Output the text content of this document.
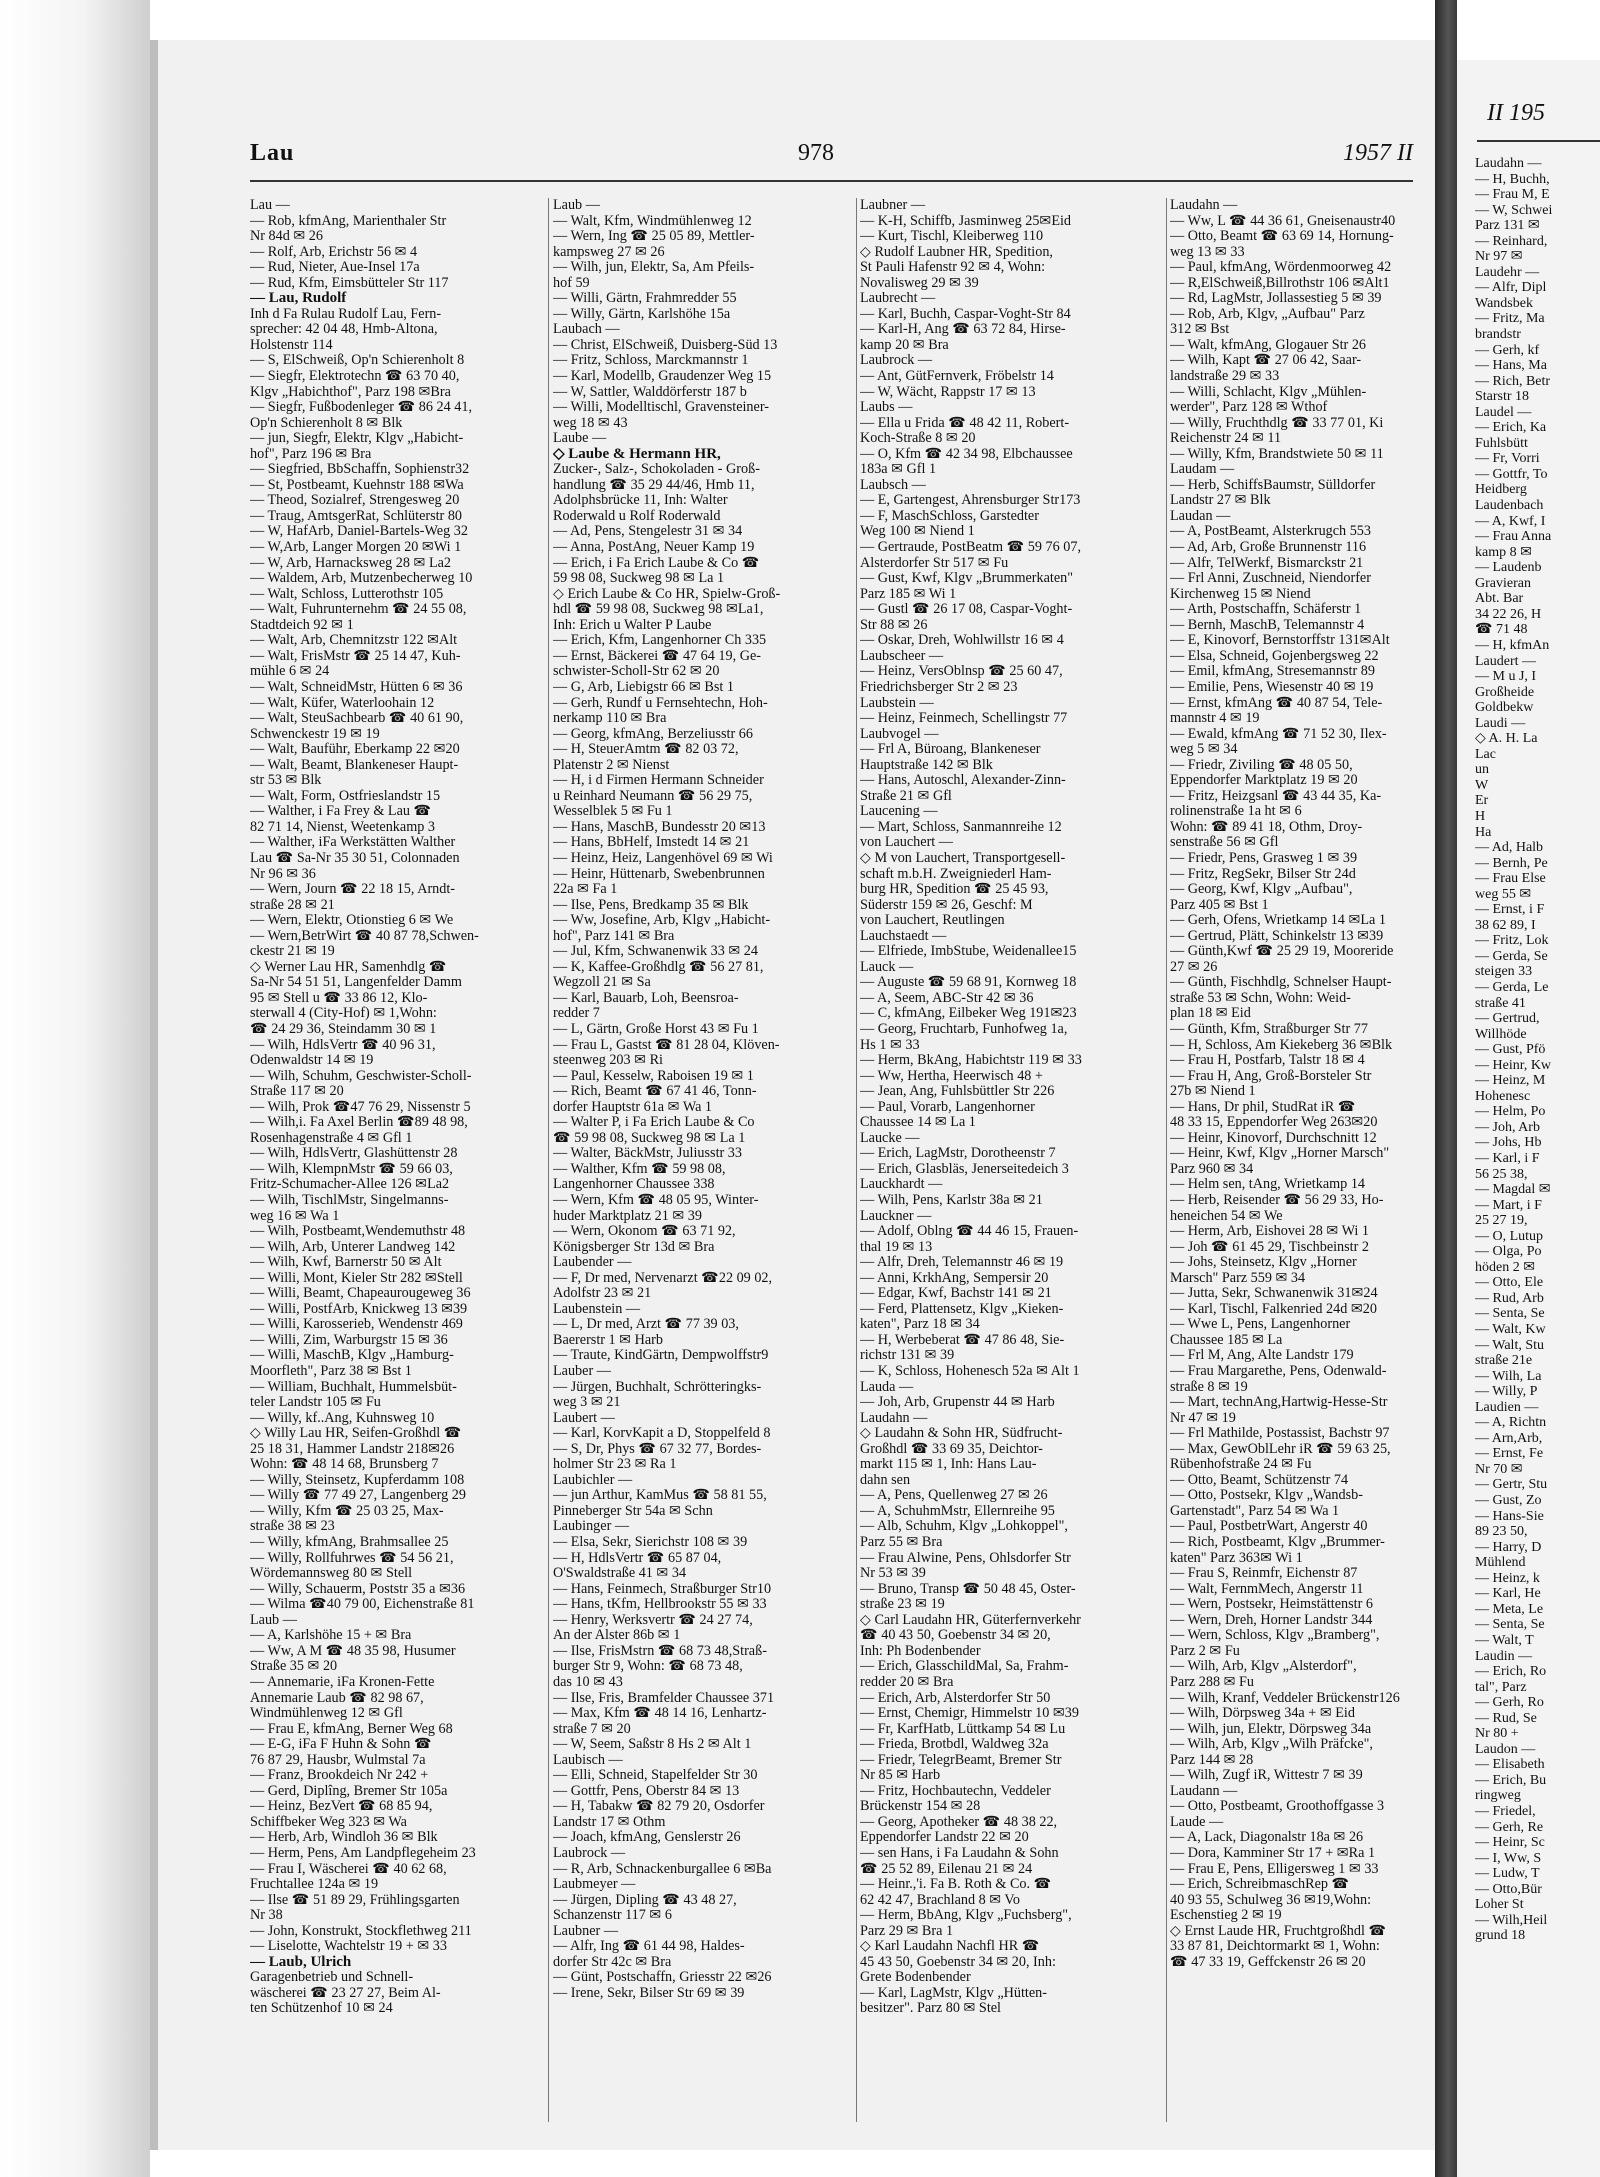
Lau	978	1957 II
Lau —
— Rob, kfmAng, Marienthaler Str
Nr 84d ✉ 26
— Rolf, Arb, Erichstr 56 ✉ 4
— Rud, Nieter, Aue-Insel 17a
— Rud, Kfm, Eimsbütteler Str 117
— Lau, Rudolf
Inh d Fa Rulau Rudolf Lau, Fern-
sprecher: 42 04 48, Hmb-Altona,
Holstenstr 114
— S, ElSchweiß, Op'n Schierenholt 8
— Siegfr, Elektrotechn ☎ 63 70 40,
Klgv „Habichthof", Parz 198 ✉Bra
— Siegfr, Fußbodenleger ☎ 86 24 41,
Op'n Schierenholt 8 ✉ Blk
— jun, Siegfr, Elektr, Klgv „Habicht-
hof", Parz 196 ✉ Bra
— Siegfried, BbSchaffn, Sophienstr32
— St, Postbeamt, Kuehnstr 188 ✉Wa
— Theod, Sozialref, Strengesweg 20
— Traug, AmtsgerRat, Schlüterstr 80
— W, HafArb, Daniel-Bartels-Weg 32
— W,Arb, Langer Morgen 20 ✉Wi 1
— W, Arb, Harnacksweg 28 ✉ La2
— Waldem, Arb, Mutzenbecherweg 10
— Walt, Schloss, Lutterothstr 105
— Walt, Fuhrunternehm ☎ 24 55 08,
Stadtdeich 92 ✉ 1
— Walt, Arb, Chemnitzstr 122 ✉Alt
— Walt, FrisMstr ☎ 25 14 47, Kuh-
mühle 6 ✉ 24
— Walt, SchneidMstr, Hütten 6 ✉ 36
— Walt, Küfer, Waterloohain 12
— Walt, SteuSachbearb ☎ 40 61 90,
Schwenckestr 19 ✉ 19
— Walt, Bauführ, Eberkamp 22 ✉20
— Walt, Beamt, Blankeneser Haupt-
str 53 ✉ Blk
— Walt, Form, Ostfrieslandstr 15
— Walther, i Fa Frey & Lau ☎
82 71 14, Nienst, Weetenkamp 3
— Walther, iFa Werkstätten Walther
Lau ☎ Sa-Nr 35 30 51, Colonnaden
Nr 96 ✉ 36
— Wern, Journ ☎ 22 18 15, Arndt-
straße 28 ✉ 21
— Wern, Elektr, Otionstieg 6 ✉ We
— Wern,BetrWirt ☎ 40 87 78,Schwen-
ckestr 21 ✉ 19
◇ Werner Lau HR, Samenhdlg ☎
Sa-Nr 54 51 51, Langenfelder Damm
95 ✉ Stell u ☎ 33 86 12, Klo-
sterwall 4 (City-Hof) ✉ 1,Wohn:
☎ 24 29 36, Steindamm 30 ✉ 1
— Wilh, HdlsVertr ☎ 40 96 31,
Odenwaldstr 14 ✉ 19
— Wilh, Schuhm, Geschwister-Scholl-
Straße 117 ✉ 20
— Wilh, Prok ☎47 76 29, Nissenstr 5
— Wilh,i. Fa Axel Berlin ☎89 48 98,
Rosenhagenstraße 4 ✉ Gfl 1
— Wilh, HdlsVertr, Glashüttenstr 28
— Wilh, KlempnMstr ☎ 59 66 03,
Fritz-Schumacher-Allee 126 ✉La2
— Wilh, TischlMstr, Singelmanns-
weg 16 ✉ Wa 1
— Wilh, Postbeamt,Wendemuthstr 48
— Wilh, Arb, Unterer Landweg 142
— Wilh, Kwf, Barnerstr 50 ✉ Alt
— Willi, Mont, Kieler Str 282 ✉Stell
— Willi, Beamt, Chapeaurougeweg 36
— Willi, PostfArb, Knickweg 13 ✉39
— Willi, Karosserieb, Wendenstr 469
— Willi, Zim, Warburgstr 15 ✉ 36
— Willi, MaschB, Klgv „Hamburg-
Moorfleth", Parz 38 ✉ Bst 1
— William, Buchhalt, Hummelsbüt-
teler Landstr 105 ✉ Fu
— Willy, kf..Ang, Kuhnsweg 10
◇ Willy Lau HR, Seifen-Großhdl ☎
25 18 31, Hammer Landstr 218✉26
Wohn: ☎ 48 14 68, Brunsberg 7
— Willy, Steinsetz, Kupferdamm 108
— Willy ☎ 77 49 27, Langenberg 29
— Willy, Kfm ☎ 25 03 25, Max-
straße 38 ✉ 23
— Willy, kfmAng, Brahmsallee 25
— Willy, Rollfuhrwes ☎ 54 56 21,
Wördemannsweg 80 ✉ Stell
— Willy, Schauerm, Poststr 35 a ✉36
— Wilma ☎40 79 00, Eichenstraße 81
Laub —
— A, Karlshöhe 15 + ✉ Bra
— Ww, A M ☎ 48 35 98, Husumer
Straße 35 ✉ 20
— Annemarie, iFa Kronen-Fette
Annemarie Laub ☎ 82 98 67,
Windmühlenweg 12 ✉ Gfl
— Frau E, kfmAng, Berner Weg 68
— E-G, iFa F Huhn & Sohn ☎
76 87 29, Hausbr, Wulmstal 7a
— Franz, Brookdeich Nr 242 +
— Gerd, Diplîng, Bremer Str 105a
— Heinz, BezVert ☎ 68 85 94,
Schiffbeker Weg 323 ✉ Wa
— Herb, Arb, Windloh 36 ✉ Blk
— Herm, Pens, Am Landpflegeheim 23
— Frau I, Wäscherei ☎ 40 62 68,
Fruchtallee 124a ✉ 19
— Ilse ☎ 51 89 29, Frühlingsgarten
Nr 38
— John, Konstrukt, Stockflethweg 211
— Liselotte, Wachtelstr 19 + ✉ 33
— Laub, Ulrich
Garagenbetrieb und Schnell-
wäscherei ☎ 23 27 27, Beim Al-
ten Schützenhof 10 ✉ 24
Laub —
— Walt, Kfm, Windmühlenweg 12
— Wern, Ing ☎ 25 05 89, Mettler-
kampsweg 27 ✉ 26
— Wilh, jun, Elektr, Sa, Am Pfeils-
hof 59
— Willi, Gärtn, Frahmredder 55
— Willy, Gärtn, Karlshöhe 15a
Laubach —
— Christ, ElSchweiß, Duisberg-Süd 13
— Fritz, Schloss, Marckmannstr 1
— Karl, Modellb, Graudenzer Weg 15
— W, Sattler, Walddörferstr 187 b
— Willi, Modelltischl, Gravensteiner-
weg 18 ✉ 43
Laube —
◇ Laube & Hermann HR,
Zucker-, Salz-, Schokoladen - Groß-
handlung ☎ 35 29 44/46, Hmb 11,
Adolphsbrücke 11, Inh: Walter
Roderwald u Rolf Roderwald
— Ad, Pens, Stengelestr 31 ✉ 34
— Anna, PostAng, Neuer Kamp 19
— Erich, i Fa Erich Laube & Co ☎
59 98 08, Suckweg 98 ✉ La 1
◇ Erich Laube & Co HR, Spielw-Groß-
hdl ☎ 59 98 08, Suckweg 98 ✉La1,
Inh: Erich u Walter P Laube
— Erich, Kfm, Langenhorner Ch 335
— Ernst, Bäckerei ☎ 47 64 19, Ge-
schwister-Scholl-Str 62 ✉ 20
— G, Arb, Liebigstr 66 ✉ Bst 1
— Gerh, Rundf u Fernsehtechn, Hoh-
nerkamp 110 ✉ Bra
— Georg, kfmAng, Berzeliusstr 66
— H, SteuerAmtm ☎ 82 03 72,
Platenstr 2 ✉ Nienst
— H, i d Firmen Hermann Schneider
u Reinhard Neumann ☎ 56 29 75,
Wesselblek 5 ✉ Fu 1
— Hans, MaschB, Bundesstr 20 ✉13
— Hans, BbHelf, Imstedt 14 ✉ 21
— Heinz, Heiz, Langenhövel 69 ✉ Wi
— Heinr, Hüttenarb, Swebenbrunnen
22a ✉ Fa 1
— Ilse, Pens, Bredkamp 35 ✉ Blk
— Ww, Josefine, Arb, Klgv „Habicht-
hof", Parz 141 ✉ Bra
— Jul, Kfm, Schwanenwik 33 ✉ 24
— K, Kaffee-Großhdlg ☎ 56 27 81,
Wegzoll 21 ✉ Sa
— Karl, Bauarb, Loh, Beensroa-
redder 7
— L, Gärtn, Große Horst 43 ✉ Fu 1
— Frau L, Gastst ☎ 81 28 04, Klöven-
steenweg 203 ✉ Ri
— Paul, Kesselw, Raboisen 19 ✉ 1
— Rich, Beamt ☎ 67 41 46, Tonn-
dorfer Hauptstr 61a ✉ Wa 1
— Walter P, i Fa Erich Laube & Co
☎ 59 98 08, Suckweg 98 ✉ La 1
— Walter, BäckMstr, Juliusstr 33
— Walther, Kfm ☎ 59 98 08,
Langenhorner Chaussee 338
— Wern, Kfm ☎ 48 05 95, Winter-
huder Marktplatz 21 ✉ 39
— Wern, Okonom ☎ 63 71 92,
Königsberger Str 13d ✉ Bra
Laubender —
— F, Dr med, Nervenarzt ☎22 09 02,
Adolfstr 23 ✉ 21
Laubenstein —
— L, Dr med, Arzt ☎ 77 39 03,
Baererstr 1 ✉ Harb
— Traute, KindGärtn, Dempwolffstr9
Lauber —
— Jürgen, Buchhalt, Schrötteringks-
weg 3 ✉ 21
Laubert —
— Karl, KorvKapit a D, Stoppelfeld 8
— S, Dr, Phys ☎ 67 32 77, Bordes-
holmer Str 23 ✉ Ra 1
Laubichler —
— jun Arthur, KamMus ☎ 58 81 55,
Pinneberger Str 54a ✉ Schn
Laubinger —
— Elsa, Sekr, Sierichstr 108 ✉ 39
— H, HdlsVertr ☎ 65 87 04,
O'Swaldstraße 41 ✉ 34
— Hans, Feinmech, Straßburger Str10
— Hans, tKfm, Hellbrookstr 55 ✉ 33
— Henry, Werksvertr ☎ 24 27 74,
An der Alster 86b ✉ 1
— Ilse, FrisMstrn ☎ 68 73 48,Straß-
burger Str 9, Wohn: ☎ 68 73 48,
das 10 ✉ 43
— Ilse, Fris, Bramfelder Chaussee 371
— Max, Kfm ☎ 48 14 16, Lenhartz-
straße 7 ✉ 20
— W, Seem, Saßstr 8 Hs 2 ✉ Alt 1
Laubisch —
— Elli, Schneid, Stapelfelder Str 30
— Gottfr, Pens, Oberstr 84 ✉ 13
— H, Tabakw ☎ 82 79 20, Osdorfer
Landstr 17 ✉ Othm
— Joach, kfmAng, Genslerstr 26
Laubrock —
— R, Arb, Schnackenburgallee 6 ✉Ba
Laubmeyer —
— Jürgen, Dipling ☎ 43 48 27,
Schanzenstr 117 ✉ 6
Laubner —
— Alfr, Ing ☎ 61 44 98, Haldes-
dorfer Str 42c ✉ Bra
— Günt, Postschaffn, Griesstr 22 ✉26
— Irene, Sekr, Bilser Str 69 ✉ 39
Laubner —
— K-H, Schiffb, Jasminweg 25✉Eid
— Kurt, Tischl, Kleiberweg 110
◇ Rudolf Laubner HR, Spedition,
St Pauli Hafenstr 92 ✉ 4, Wohn:
Novalisweg 29 ✉ 39
Laubrecht —
— Karl, Buchh, Caspar-Voght-Str 84
— Karl-H, Ang ☎ 63 72 84, Hirse-
kamp 20 ✉ Bra
Laubrock —
— Ant, GütFernverk, Fröbelstr 14
— W, Wächt, Rappstr 17 ✉ 13
Laubs —
— Ella u Frida ☎ 48 42 11, Robert-
Koch-Straße 8 ✉ 20
— O, Kfm ☎ 42 34 98, Elbchaussee
183a ✉ Gfl 1
Laubsch —
— E, Gartengest, Ahrensburger Str173
— F, MaschSchloss, Garstedter
Weg 100 ✉ Niend 1
— Gertraude, PostBeatm ☎ 59 76 07,
Alsterdorfer Str 517 ✉ Fu
— Gust, Kwf, Klgv „Brummerkaten"
Parz 185 ✉ Wi 1
— Gustl ☎ 26 17 08, Caspar-Voght-
Str 88 ✉ 26
— Oskar, Dreh, Wohlwillstr 16 ✉ 4
Laubscheer —
— Heinz, VersOblnsp ☎ 25 60 47,
Friedrichsberger Str 2 ✉ 23
Laubstein —
— Heinz, Feinmech, Schellingstr 77
Laubvogel —
— Frl A, Büroang, Blankeneser
Hauptstraße 142 ✉ Blk
— Hans, Autoschl, Alexander-Zinn-
Straße 21 ✉ Gfl
Laucening —
— Mart, Schloss, Sanmannreihe 12
von Lauchert —
◇ M von Lauchert, Transportgesell-
schaft m.b.H. Zweigniederl Ham-
burg HR, Spedition ☎ 25 45 93,
Süderstr 159 ✉ 26, Geschf: M
von Lauchert, Reutlingen
Lauchstaedt —
— Elfriede, ImbStube, Weidenallee15
Lauck —
— Auguste ☎ 59 68 91, Kornweg 18
— A, Seem, ABC-Str 42 ✉ 36
— C, kfmAng, Eilbeker Weg 191✉23
— Georg, Fruchtarb, Funhofweg 1a,
Hs 1 ✉ 33
— Herm, BkAng, Habichtstr 119 ✉ 33
— Ww, Hertha, Heerwisch 48 +
— Jean, Ang, Fuhlsbüttler Str 226
— Paul, Vorarb, Langenhorner
Chaussee 14 ✉ La 1
Laucke —
— Erich, LagMstr, Dorotheenstr 7
— Erich, Glasbläs, Jenerseitedeich 3
Lauckhardt —
— Wilh, Pens, Karlstr 38a ✉ 21
Lauckner —
— Adolf, Oblng ☎ 44 46 15, Frauen-
thal 19 ✉ 13
— Alfr, Dreh, Telemannstr 46 ✉ 19
— Anni, KrkhAng, Sempersir 20
— Edgar, Kwf, Bachstr 141 ✉ 21
— Ferd, Plattensetz, Klgv „Kieken-
katen", Parz 18 ✉ 34
— H, Werbeberat ☎ 47 86 48, Sie-
richstr 131 ✉ 39
— K, Schloss, Hohenesch 52a ✉ Alt 1
Lauda —
— Joh, Arb, Grupenstr 44 ✉ Harb
Laudahn —
◇ Laudahn & Sohn HR, Südfrucht-
Großhdl ☎ 33 69 35, Deichtor-
markt 115 ✉ 1, Inh: Hans Lau-
dahn sen
— A, Pens, Quellenweg 27 ✉ 26
— A, SchuhmMstr, Ellernreihe 95
— Alb, Schuhm, Klgv „Lohkoppel",
Parz 55 ✉ Bra
— Frau Alwine, Pens, Ohlsdorfer Str
Nr 53 ✉ 39
— Bruno, Transp ☎ 50 48 45, Oster-
straße 23 ✉ 19
◇ Carl Laudahn HR, Güterfernverkehr
☎ 40 43 50, Goebenstr 34 ✉ 20,
Inh: Ph Bodenbender
— Erich, GlasschildMal, Sa, Frahm-
redder 20 ✉ Bra
— Erich, Arb, Alsterdorfer Str 50
— Ernst, Chemigr, Himmelstr 10 ✉39
— Fr, KarfHatb, Lüttkamp 54 ✉ Lu
— Frieda, Brotbdl, Waldweg 32a
— Friedr, TelegrBeamt, Bremer Str
Nr 85 ✉ Harb
— Fritz, Hochbautechn, Veddeler
Brückenstr 154 ✉ 28
— Georg, Apotheker ☎ 48 38 22,
Eppendorfer Landstr 22 ✉ 20
— sen Hans, i Fa Laudahn & Sohn
☎ 25 52 89, Eilenau 21 ✉ 24
— Heinr.,'i. Fa B. Roth & Co. ☎
62 42 47, Brachland 8 ✉ Vo
— Herm, BbAng, Klgv „Fuchsberg",
Parz 29 ✉ Bra 1
◇ Karl Laudahn Nachfl HR ☎
45 43 50, Goebenstr 34 ✉ 20, Inh:
Grete Bodenbender
— Karl, LagMstr, Klgv „Hütten-
besitzer". Parz 80 ✉ Stel
Laudahn —
— Ww, L ☎ 44 36 61, Gneisenaustr40
— Otto, Beamt ☎ 63 69 14, Hornung-
weg 13 ✉ 33
— Paul, kfmAng, Wördenmoorweg 42
— R,ElSchweiß,Billrothstr 106 ✉Alt1
— Rd, LagMstr, Jollassestieg 5 ✉ 39
— Rob, Arb, Klgv, „Aufbau" Parz
312 ✉ Bst
— Walt, kfmAng, Glogauer Str 26
— Wilh, Kapt ☎ 27 06 42, Saar-
landstraße 29 ✉ 33
— Willi, Schlacht, Klgv „Mühlen-
werder", Parz 128 ✉ Wthof
— Willy, Fruchthdlg ☎ 33 77 01, Ki
Reichenstr 24 ✉ 11
— Willy, Kfm, Brandstwiete 50 ✉ 11
Laudam —
— Herb, SchiffsBaumstr, Sülldorfer
Landstr 27 ✉ Blk
Laudan —
— A, PostBeamt, Alsterkrugch 553
— Ad, Arb, Große Brunnenstr 116
— Alfr, TelWerkf, Bismarckstr 21
— Frl Anni, Zuschneid, Niendorfer
Kirchenweg 15 ✉ Niend
— Arth, Postschaffn, Schäferstr 1
— Bernh, MaschB, Telemannstr 4
— E, Kinovorf, Bernstorffstr 131✉Alt
— Elsa, Schneid, Gojenbergsweg 22
— Emil, kfmAng, Stresemannstr 89
— Emilie, Pens, Wiesenstr 40 ✉ 19
— Ernst, kfmAng ☎ 40 87 54, Tele-
mannstr 4 ✉ 19
— Ewald, kfmAng ☎ 71 52 30, Ilex-
weg 5 ✉ 34
— Friedr, Ziviling ☎ 48 05 50,
Eppendorfer Marktplatz 19 ✉ 20
— Fritz, Heizgsanl ☎ 43 44 35, Ka-
rolinenstraße 1a ht ✉ 6
Wohn: ☎ 89 41 18, Othm, Droy-
senstraße 56 ✉ Gfl
— Friedr, Pens, Grasweg 1 ✉ 39
— Fritz, RegSekr, Bilser Str 24d
— Georg, Kwf, Klgv „Aufbau",
Parz 405 ✉ Bst 1
— Gerh, Ofens, Wrietkamp 14 ✉La 1
— Gertrud, Plätt, Schinkelstr 13 ✉39
— Günth,Kwf ☎ 25 29 19, Mooreride
27 ✉ 26
— Günth, Fischhdlg, Schnelser Haupt-
straße 53 ✉ Schn, Wohn: Weid-
plan 18 ✉ Eid
— Günth, Kfm, Straßburger Str 77
— H, Schloss, Am Kiekeberg 36 ✉Blk
— Frau H, Postfarb, Talstr 18 ✉ 4
— Frau H, Ang, Groß-Borsteler Str
27b ✉ Niend 1
— Hans, Dr phil, StudRat iR ☎
48 33 15, Eppendorfer Weg 263✉20
— Heinr, Kinovorf, Durchschnitt 12
— Heinr, Kwf, Klgv „Horner Marsch"
Parz 960 ✉ 34
— Helm sen, tAng, Wrietkamp 14
— Herb, Reisender ☎ 56 29 33, Ho-
heneichen 54 ✉ We
— Herm, Arb, Eishovei 28 ✉ Wi 1
— Joh ☎ 61 45 29, Tischbeinstr 2
— Johs, Steinsetz, Klgv „Horner
Marsch" Parz 559 ✉ 34
— Jutta, Sekr, Schwanenwik 31✉24
— Karl, Tischl, Falkenried 24d ✉20
— Wwe L, Pens, Langenhorner
Chaussee 185 ✉ La
— Frl M, Ang, Alte Landstr 179
— Frau Margarethe, Pens, Odenwald-
straße 8 ✉ 19
— Mart, technAng,Hartwig-Hesse-Str
Nr 47 ✉ 19
— Frl Mathilde, Postassist, Bachstr 97
— Max, GewOblLehr iR ☎ 59 63 25,
Rübenhofstraße 24 ✉ Fu
— Otto, Beamt, Schützenstr 74
— Otto, Postsekr, Klgv „Wandsb-
Gartenstadt", Parz 54 ✉ Wa 1
— Paul, PostbetrWart, Angerstr 40
— Rich, Postbeamt, Klgv „Brummer-
katen" Parz 363✉ Wi 1
— Frau S, Reinmfr, Eichenstr 87
— Walt, FernmMech, Angerstr 11
— Wern, Postsekr, Heimstättenstr 6
— Wern, Dreh, Horner Landstr 344
— Wern, Schloss, Klgv „Bramberg",
Parz 2 ✉ Fu
— Wilh, Arb, Klgv „Alsterdorf",
Parz 288 ✉ Fu
— Wilh, Kranf, Veddeler Brückenstr126
— Wilh, Dörpsweg 34a + ✉ Eid
— Wilh, jun, Elektr, Dörpsweg 34a
— Wilh, Arb, Klgv „Wilh Präfcke",
Parz 144 ✉ 28
— Wilh, Zugf iR, Wittestr 7 ✉ 39
Laudann —
— Otto, Postbeamt, Groothoffgasse 3
Laude —
— A, Lack, Diagonalstr 18a ✉ 26
— Dora, Kamminer Str 17 + ✉Ra 1
— Frau E, Pens, Elligersweg 1 ✉ 33
— Erich, SchreibmaschRep ☎
40 93 55, Schulweg 36 ✉19,Wohn:
Eschenstieg 2 ✉ 19
◇ Ernst Laude HR, Fruchtgroßhdl ☎
33 87 81, Deichtormarkt ✉ 1, Wohn:
☎ 47 33 19, Geffckenstr 26 ✉ 20
II 195
Laudahn —
— H, Buchh,
— Frau M, E
— W, Schwei
Parz 131 ✉
— Reinhard,
Nr 97 ✉
Laudehr —
— Alfr, Dipl
Wandsbek
— Fritz, Ma
brandstr
— Gerh, kf
— Hans, Ma
— Rich, Betr
Starstr 18
Laudel —
— Erich, Ka
Fuhlsbütt
— Fr, Vorri
— Gottfr, To
Heidberg
Laudenbach
— A, Kwf, I
— Frau Anna
kamp 8 ✉
— Laudenb
Gravieran
Abt. Bar
34 22 26, H
☎ 71 48
— H, kfmAn
Laudert —
— M u J, I
Großheide
Goldbekw
Laudi —
◇ A. H. La
Lac
un
W
Er
H
Ha
— Ad, Halb
— Bernh, Pe
— Frau Else
weg 55 ✉
— Ernst, i F
38 62 89, I
— Fritz, Lok
— Gerda, Se
steigen 33
— Gerda, Le
straße 41
— Gertrud,
Willhöde
— Gust, Pfö
— Heinr, Kw
— Heinz, M
Hohenesc
— Helm, Po
— Joh, Arb
— Johs, Hb
— Karl, i F
56 25 38,
— Magdal ✉
— Mart, i F
25 27 19,
— O, Lutup
— Olga, Po
höden 2 ✉
— Otto, Ele
— Rud, Arb
— Senta, Se
— Walt, Kw
— Walt, Stu
straße 21e
— Wilh, La
— Willy, P
Laudien —
— A, Richtn
— Arn,Arb,
— Ernst, Fe
Nr 70 ✉
— Gertr, Stu
— Gust, Zo
— Hans-Sie
89 23 50,
— Harry, D
Mühlend
— Heinz, k
— Karl, He
— Meta, Le
— Senta, Se
— Walt, T
Laudin —
— Erich, Ro
tal", Parz
— Gerh, Ro
— Rud, Se
Nr 80 +
Laudon —
— Elisabeth
— Erich, Bu
ringweg
— Friedel,
— Gerh, Re
— Heinr, Sc
— I, Ww, S
— Ludw, T
— Otto,Bür
Loher St
— Wilh,Heil
grund 18
